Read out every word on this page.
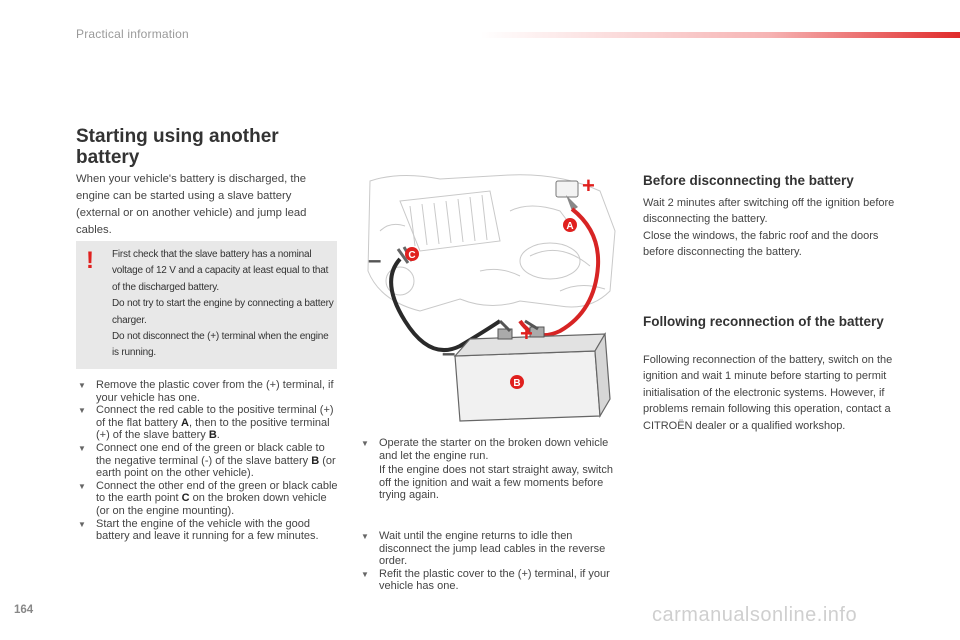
Practical information
Starting using another battery
When your vehicle's battery is discharged, the engine can be started using a slave battery (external or on another vehicle) and jump lead cables.
! First check that the slave battery has a nominal voltage of 12 V and a capacity at least equal to that of the discharged battery.
Do not try to start the engine by connecting a battery charger.
Do not disconnect the (+) terminal when the engine is running.
▼ Remove the plastic cover from the (+) terminal, if your vehicle has one.
▼ Connect the red cable to the positive terminal (+) of the flat battery A, then to the positive terminal (+) of the slave battery B.
▼ Connect one end of the green or black cable to the negative terminal (-) of the slave battery B (or earth point on the other vehicle).
▼ Connect the other end of the green or black cable to the earth point C on the broken down vehicle (or on the engine mounting).
▼ Start the engine of the vehicle with the good battery and leave it running for a few minutes.
A
B
C
+
+
–
–
▼ Operate the starter on the broken down vehicle and let the engine run.
If the engine does not start straight away, switch off the ignition and wait a few moments before trying again.
▼ Wait until the engine returns to idle then disconnect the jump lead cables in the reverse order.
▼ Refit the plastic cover to the (+) terminal, if your vehicle has one.
Before disconnecting the battery
Wait 2 minutes after switching off the ignition before disconnecting the battery.
Close the windows, the fabric roof and the doors before disconnecting the battery.
Following reconnection of the battery
Following reconnection of the battery, switch on the ignition and wait 1 minute before starting to permit initialisation of the electronic systems. However, if problems remain following this operation, contact a CITROËN dealer or a qualified workshop.
164	carmanualsonline.info
